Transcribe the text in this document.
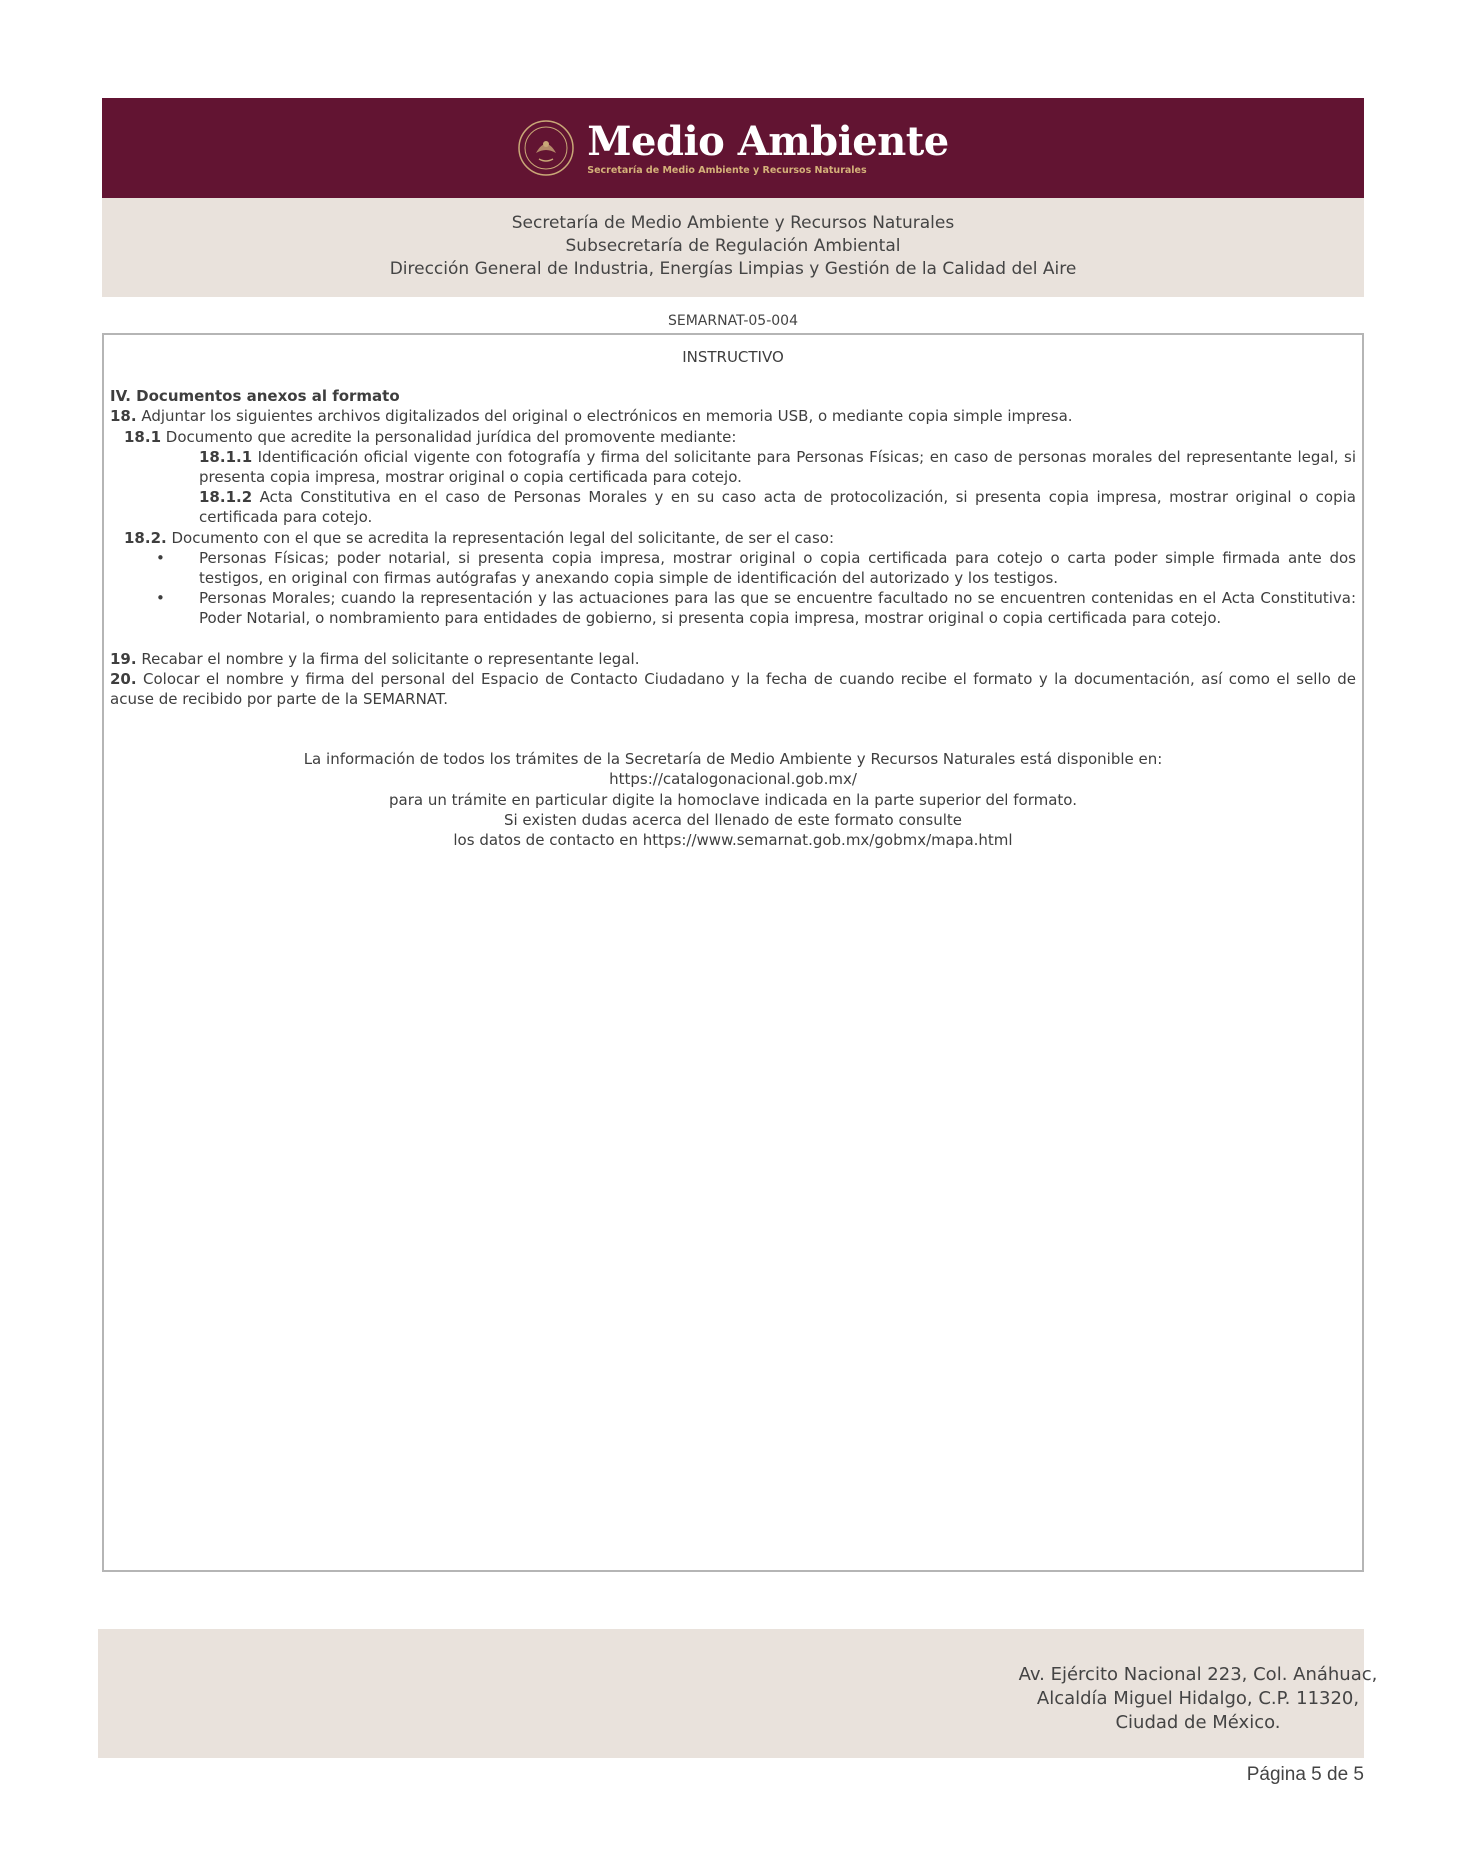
Medio Ambiente
Secretaría de Medio Ambiente y Recursos Naturales
Secretaría de Medio Ambiente y Recursos Naturales
Subsecretaría de Regulación Ambiental
Dirección General de Industria, Energías Limpias y Gestión de la Calidad del Aire
SEMARNAT-05-004
INSTRUCTIVO

IV. Documentos anexos al formato

18. Adjuntar los siguientes archivos digitalizados del original o electrónicos en memoria USB, o mediante copia simple impresa.

18.1 Documento que acredite la personalidad jurídica del promovente mediante:

18.1.1 Identificación oficial vigente con fotografía y firma del solicitante para Personas Físicas; en caso de personas morales del representante legal, si presenta copia impresa, mostrar original o copia certificada para cotejo.

18.1.2 Acta Constitutiva en el caso de Personas Morales y en su caso acta de protocolización, si presenta copia impresa, mostrar original o copia certificada para cotejo.

18.2. Documento con el que se acredita la representación legal del solicitante, de ser el caso:

• Personas Físicas; poder notarial, si presenta copia impresa, mostrar original o copia certificada para cotejo o carta poder simple firmada ante dos testigos, en original con firmas autógrafas y anexando copia simple de identificación del autorizado y los testigos.
• Personas Morales; cuando la representación y las actuaciones para las que se encuentre facultado no se encuentren contenidas en el Acta Constitutiva: Poder Notarial, o nombramiento para entidades de gobierno, si presenta copia impresa, mostrar original o copia certificada para cotejo.

19. Recabar el nombre y la firma del solicitante o representante legal.

20. Colocar el nombre y firma del personal del Espacio de Contacto Ciudadano y la fecha de cuando recibe el formato y la documentación, así como el sello de acuse de recibido por parte de la SEMARNAT.

La información de todos los trámites de la Secretaría de Medio Ambiente y Recursos Naturales está disponible en:
https://catalogonacional.gob.mx/
para un trámite en particular digite la homoclave indicada en la parte superior del formato.
Si existen dudas acerca del llenado de este formato consulte
los datos de contacto en https://www.semarnat.gob.mx/gobmx/mapa.html
Av. Ejército Nacional 223, Col. Anáhuac,
Alcaldía Miguel Hidalgo, C.P. 11320,
Ciudad de México.
Página 5 de 5
